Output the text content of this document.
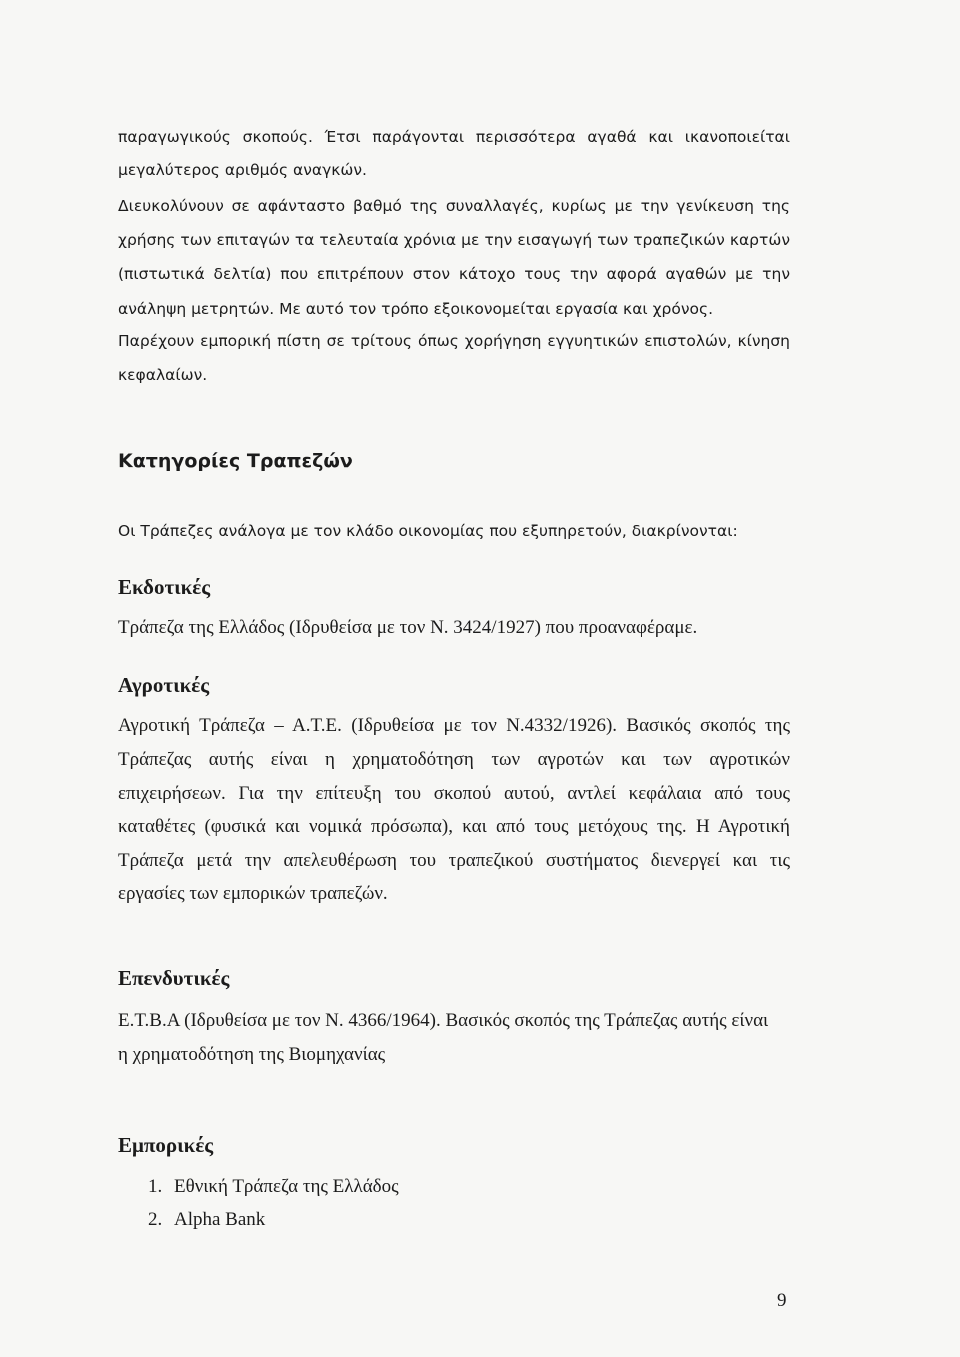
παραγωγικούς σκοπούς. Έτσι παράγονται περισσότερα αγαθά και ικανοποιείται
μεγαλύτερος αριθμός αναγκών.
Διευκολύνουν σε αφάνταστο βαθμό της συναλλαγές, κυρίως με την γενίκευση της
χρήσης των επιταγών τα τελευταία χρόνια με την εισαγωγή των τραπεζικών καρτών
(πιστωτικά δελτία) που επιτρέπουν στον κάτοχο τους την αφορά αγαθών με την
ανάληψη μετρητών. Με αυτό τον τρόπο εξοικονομείται εργασία και χρόνος.
Παρέχουν εμπορική πίστη σε τρίτους όπως χορήγηση εγγυητικών επιστολών, κίνηση
κεφαλαίων.
Κατηγορίες Τραπεζών
Οι Τράπεζες ανάλογα με τον κλάδο οικονομίας που εξυπηρετούν, διακρίνονται:
Εκδοτικές
Τράπεζα της Ελλάδος (Ιδρυθείσα με τον Ν. 3424/1927) που προαναφέραμε.
Αγροτικές
Αγροτική Τράπεζα – Α.Τ.Ε. (Ιδρυθείσα με τον Ν.4332/1926). Βασικός σκοπός της
Τράπεζας αυτής είναι η χρηματοδότηση των αγροτών και των αγροτικών
επιχειρήσεων. Για την επίτευξη του σκοπού αυτού, αντλεί κεφάλαια από τους
καταθέτες (φυσικά και νομικά πρόσωπα), και από τους μετόχους της. Η Αγροτική
Τράπεζα μετά την απελευθέρωση του τραπεζικού συστήματος διενεργεί και τις
εργασίες των εμπορικών τραπεζών.
Επενδυτικές
Ε.Τ.Β.Α (Ιδρυθείσα με τον Ν. 4366/1964). Βασικός σκοπός της Τράπεζας αυτής είναι
η χρηματοδότηση της Βιομηχανίας
Εμπορικές
1. Εθνική Τράπεζα της Ελλάδος
2. Alpha Bank
9
